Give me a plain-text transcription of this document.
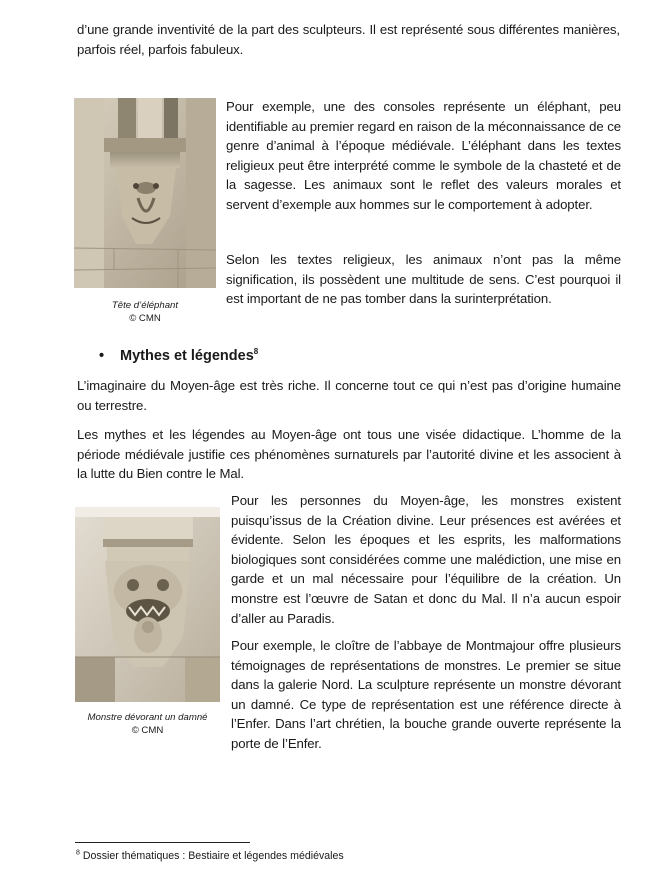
d’une grande inventivité de la part des sculpteurs. Il est représenté sous différentes manières, parfois réel, parfois fabuleux.

Tête d’éléphant
© CMN

Pour exemple, une des consoles représente un éléphant, peu identifiable au premier regard en raison de la méconnaissance de ce genre d’animal à l’époque médiévale. L’éléphant dans les textes religieux peut être interprété comme le symbole de la chasteté et de la sagesse. Les animaux sont le reflet des valeurs morales et servent d’exemple aux hommes sur le comportement à adopter.

Selon les textes religieux, les animaux n’ont pas la même signification, ils possèdent une multitude de sens. C’est pourquoi il est important de ne pas tomber dans la surinterprétation.

• Mythes et légendes$^8$

L’imaginaire du Moyen-âge est très riche. Il concerne tout ce qui n’est pas d’origine humaine ou terrestre.

Les mythes et les légendes au Moyen-âge ont tous une visée didactique. L’homme de la période médiévale justifie ces phénomènes surnaturels par l’autorité divine et les associent à la lutte du Bien contre le Mal.

Monstre dévorant un damné
© CMN

Pour les personnes du Moyen-âge, les monstres existent puisqu’issus de la Création divine. Leur présences est avérées et évidente. Selon les époques et les esprits, les malformations biologiques sont considérées comme une malédiction, une mise en garde et un mal nécessaire pour l’équilibre de la création. Un monstre est l’œuvre de Satan et donc du Mal. Il n’a aucun espoir d’aller au Paradis.

Pour exemple, le cloître de l’abbaye de Montmajour offre plusieurs témoignages de représentations de monstres. Le premier se situe dans la galerie Nord. La sculpture représente un monstre dévorant un damné. Ce type de représentation est une référence directe à l’Enfer. Dans l’art chrétien, la bouche grande ouverte représente la porte de l’Enfer.

$^8$ Dossier thématiques : Bestiaire et légendes médiévales
